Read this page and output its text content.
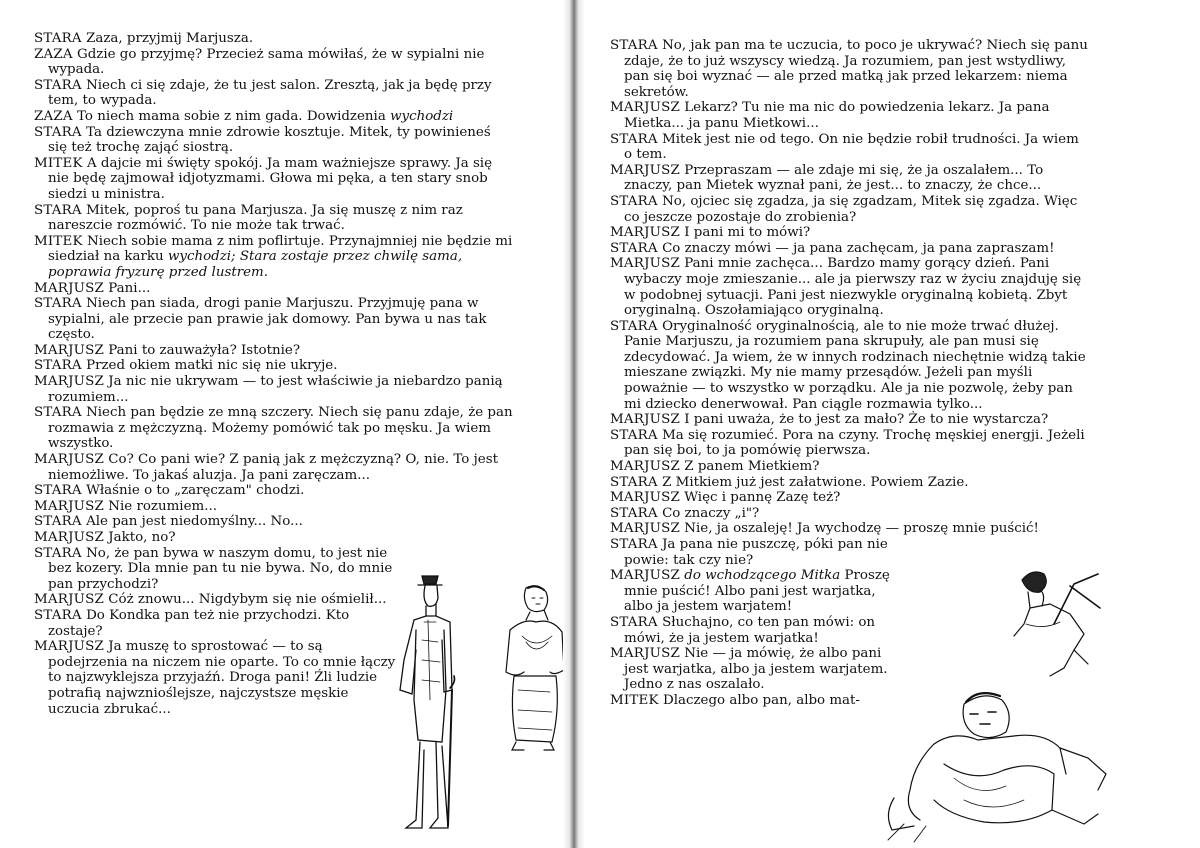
STARA Zaza, przyjmij Marjusza.

ZAZA Gdzie go przyjmę? Przecież sama mówiłaś, że w sypialni nie wypada.

STARA Niech ci się zdaje, że tu jest salon. Zresztą, jak ja będę przy tem, to wypada.

ZAZA To niech mama sobie z nim gada. Dowidzenia wychodzi

STARA Ta dziewczyna mnie zdrowie kosztuje. Mitek, ty powinieneś się też trochę zająć siostrą.

MITEK A dajcie mi święty spokój. Ja mam ważniejsze sprawy. Ja się nie będę zajmował idjotyzmami. Głowa mi pęka, a ten stary snob siedzi u ministra.

STARA Mitek, poproś tu pana Marjusza. Ja się muszę z nim raz nareszcie rozmówić. To nie może tak trwać.

MITEK Niech sobie mama z nim poflirtuje. Przynajmniej nie będzie mi siedział na karku wychodzi; Stara zostaje przez chwilę sama, poprawia fryzurę przed lustrem.

MARJUSZ Pani...

STARA Niech pan siada, drogi panie Marjuszu. Przyjmuję pana w sypialni, ale przecie pan prawie jak domowy. Pan bywa u nas tak często.

MARJUSZ Pani to zauważyła? Istotnie?

STARA Przed okiem matki nic się nie ukryje.

MARJUSZ Ja nic nie ukrywam — to jest właściwie ja niebardzo panią rozumiem...

STARA Niech pan będzie ze mną szczery. Niech się panu zdaje, że pan rozmawia z mężczyzną. Możemy pomówić tak po męsku. Ja wiem wszystko.

MARJUSZ Co? Co pani wie? Z panią jak z mężczyzną? O, nie. To jest niemożliwe. To jakaś aluzja. Ja pani zaręczam...

STARA Właśnie o to „zaręczam" chodzi.

MARJUSZ Nie rozumiem...

STARA Ale pan jest niedomyślny... No...

MARJUSZ Jakto, no?

STARA No, że pan bywa w naszym domu, to jest nie bez kozery. Dla mnie pan tu nie bywa. No, do mnie pan przychodzi?

MARJUSZ Cóż znowu... Nigdybym się nie ośmielił...

STARA Do Kondka pan też nie przychodzi. Kto zostaje?

MARJUSZ Ja muszę to sprostować — to są podejrzenia na niczem nie oparte. To co mnie łączy to najzwyklejsza przyjaźń. Droga pani! Źli ludzie potrafią najwznioślejsze, najczystsze męskie uczucia zbrukać...

STARA No, jak pan ma te uczucia, to poco je ukrywać? Niech się panu zdaje, że to już wszyscy wiedzą. Ja rozumiem, pan jest wstydliwy, pan się boi wyznać — ale przed matką jak przed lekarzem: niema sekretów.

MARJUSZ Lekarz? Tu nie ma nic do powiedzenia lekarz. Ja pana Mietka... ja panu Mietkowi...

STARA Mitek jest nie od tego. On nie będzie robił trudności. Ja wiem o tem.

MARJUSZ Przepraszam — ale zdaje mi się, że ja oszalałem... To znaczy, pan Mietek wyznał pani, że jest... to znaczy, że chce...

STARA No, ojciec się zgadza, ja się zgadzam, Mitek się zgadza. Więc co jeszcze pozostaje do zrobienia?

MARJUSZ I pani mi to mówi?

STARA Co znaczy mówi — ja pana zachęcam, ja pana zapraszam!

MARJUSZ Pani mnie zachęca... Bardzo mamy gorący dzień. Pani wybaczy moje zmieszanie... ale ja pierwszy raz w życiu znajduję się w podobnej sytuacji. Pani jest niezwykle oryginalną kobietą. Zbyt oryginalną. Oszołamiająco oryginalną.

STARA Oryginalność oryginalnością, ale to nie może trwać dłużej. Panie Marjuszu, ja rozumiem pana skrupuły, ale pan musi się zdecydować. Ja wiem, że w innych rodzinach niechętnie widzą takie mieszane związki. My nie mamy przesądów. Jeżeli pan myśli poważnie — to wszystko w porządku. Ale ja nie pozwolę, żeby pan mi dziecko denerwował. Pan ciągle rozmawia tylko...

MARJUSZ I pani uważa, że to jest za mało? Że to nie wystarcza?

STARA Ma się rozumieć. Pora na czyny. Trochę męskiej energji. Jeżeli pan się boi, to ja pomówię pierwsza.

MARJUSZ Z panem Mietkiem?

STARA Z Mitkiem już jest załatwione. Powiem Zazie.

MARJUSZ Więc i pannę Zazę też?

STARA Co znaczy „i"?

MARJUSZ Nie, ja oszaleję! Ja wychodzę — proszę mnie puścić!

STARA Ja pana nie puszczę, póki pan nie powie: tak czy nie?

MARJUSZ do wchodzącego Mitka Proszę mnie puścić! Albo pani jest warjatka, albo ja jestem warjatem!

STARA Słuchajno, co ten pan mówi: on mówi, że ja jestem warjatka!

MARJUSZ Nie — ja mówię, że albo pani jest warjatka, albo ja jestem warjatem. Jedno z nas oszalało.

MITEK Dlaczego albo pan, albo mat-
